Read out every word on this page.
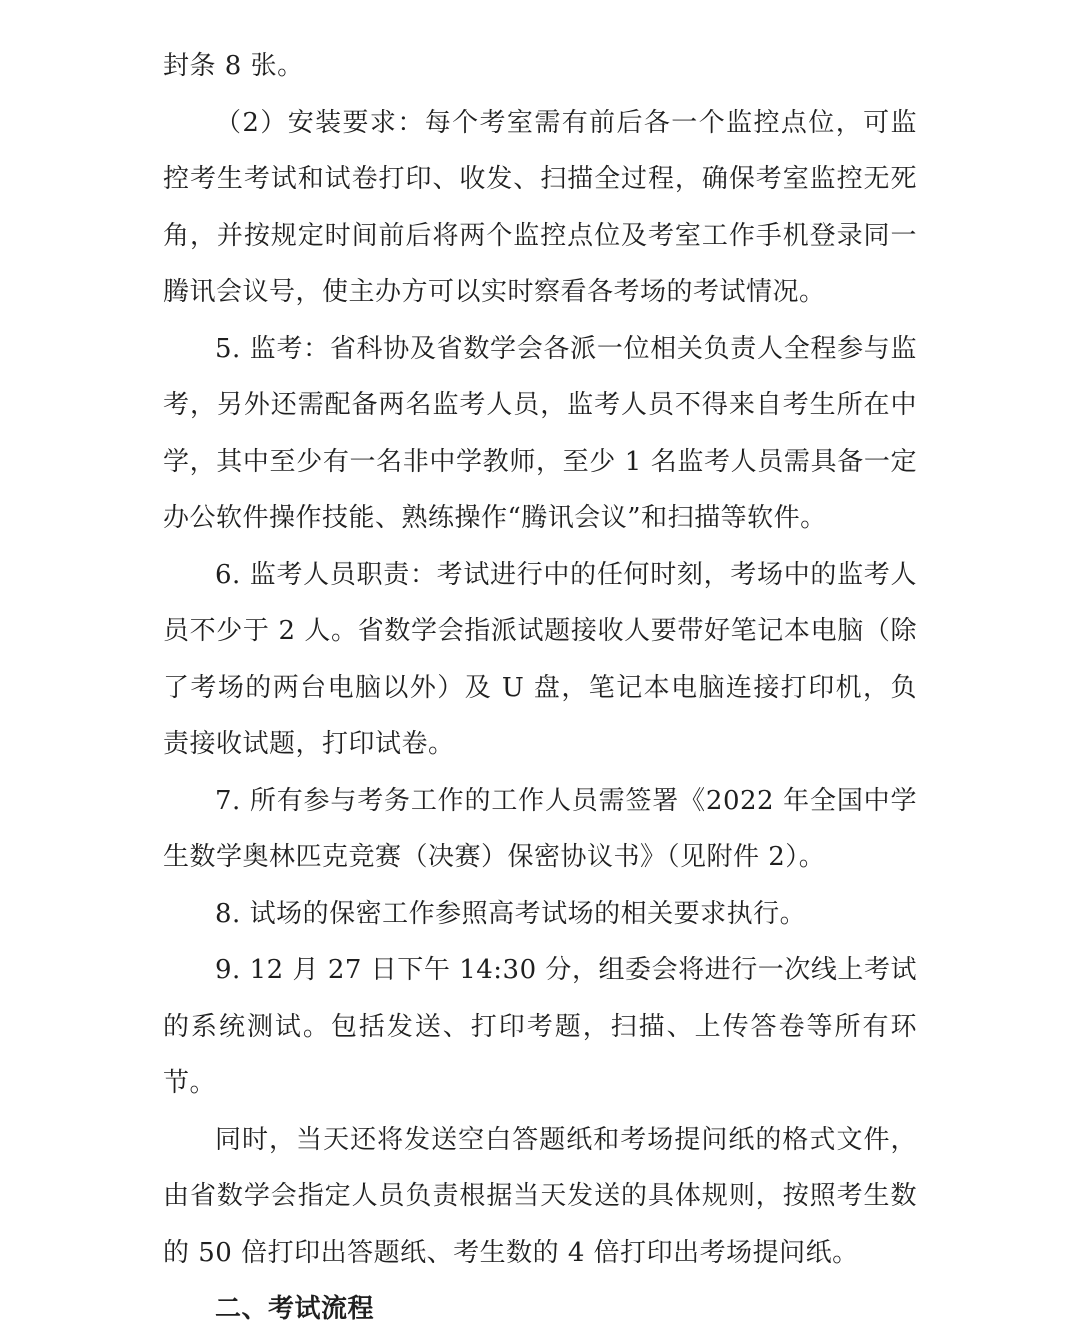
封条 8 张。

（2）安装要求：每个考室需有前后各一个监控点位，可监控考生考试和试卷打印、收发、扫描全过程，确保考室监控无死角，并按规定时间前后将两个监控点位及考室工作手机登录同一腾讯会议号，使主办方可以实时察看各考场的考试情况。

5. 监考：省科协及省数学会各派一位相关负责人全程参与监考，另外还需配备两名监考人员，监考人员不得来自考生所在中学，其中至少有一名非中学教师，至少 1 名监考人员需具备一定办公软件操作技能、熟练操作“腾讯会议”和扫描等软件。

6. 监考人员职责：考试进行中的任何时刻，考场中的监考人员不少于 2 人。省数学会指派试题接收人要带好笔记本电脑（除了考场的两台电脑以外）及 U 盘，笔记本电脑连接打印机，负责接收试题，打印试卷。

7. 所有参与考务工作的工作人员需签署《2022 年全国中学生数学奥林匹克竞赛（决赛）保密协议书》（见附件 2）。

8. 试场的保密工作参照高考试场的相关要求执行。

9. 12 月 27 日下午 14:30 分，组委会将进行一次线上考试的系统测试。包括发送、打印考题，扫描、上传答卷等所有环节。

同时，当天还将发送空白答题纸和考场提问纸的格式文件，由省数学会指定人员负责根据当天发送的具体规则，按照考生数的 50 倍打印出答题纸、考生数的 4 倍打印出考场提问纸。

二、考试流程
